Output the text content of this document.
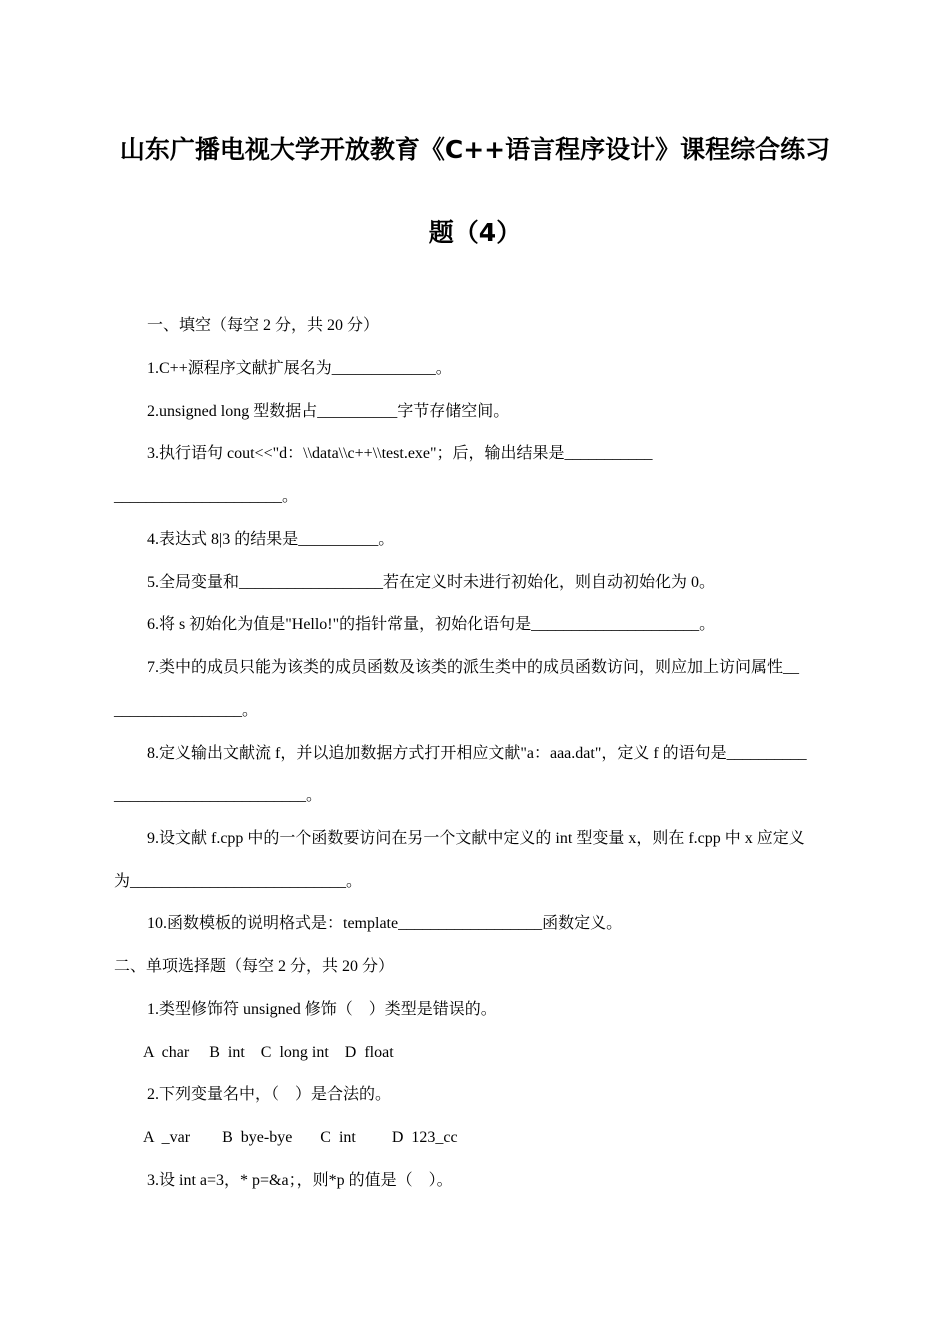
山东广播电视大学开放教育《C++语言程序设计》课程综合练习
题（4）
一、填空（每空 2 分，共 20 分）
1.C++源程序文献扩展名为_____________。
2.unsigned long 型数据占__________字节存储空间。
3.执行语句 cout<<"d：\\data\\c++\\test.exe"；后，输出结果是___________
_____________________。
4.表达式 8|3 的结果是__________。
5.全局变量和__________________若在定义时未进行初始化，则自动初始化为 0。
6.将 s 初始化为值是"Hello!"的指针常量，初始化语句是_____________________。
7.类中的成员只能为该类的成员函数及该类的派生类中的成员函数访问，则应加上访问属性__
________________。
8.定义输出文献流 f，并以追加数据方式打开相应文献"a：aaa.dat"，定义 f 的语句是__________
________________________。
9.设文献 f.cpp 中的一个函数要访问在另一个文献中定义的 int 型变量 x，则在 f.cpp 中 x 应定义
为___________________________。
10.函数模板的说明格式是：template__________________函数定义。
二、单项选择题（每空 2 分，共 20 分）
1.类型修饰符 unsigned 修饰（　）类型是错误的。
A  char     B  int    C  long int    D  float
2.下列变量名中，（　）是合法的。
A  _var        B  bye-bye       C  int         D  123_cc
3.设 int a=3，* p=&a；，则*p 的值是（　）。
